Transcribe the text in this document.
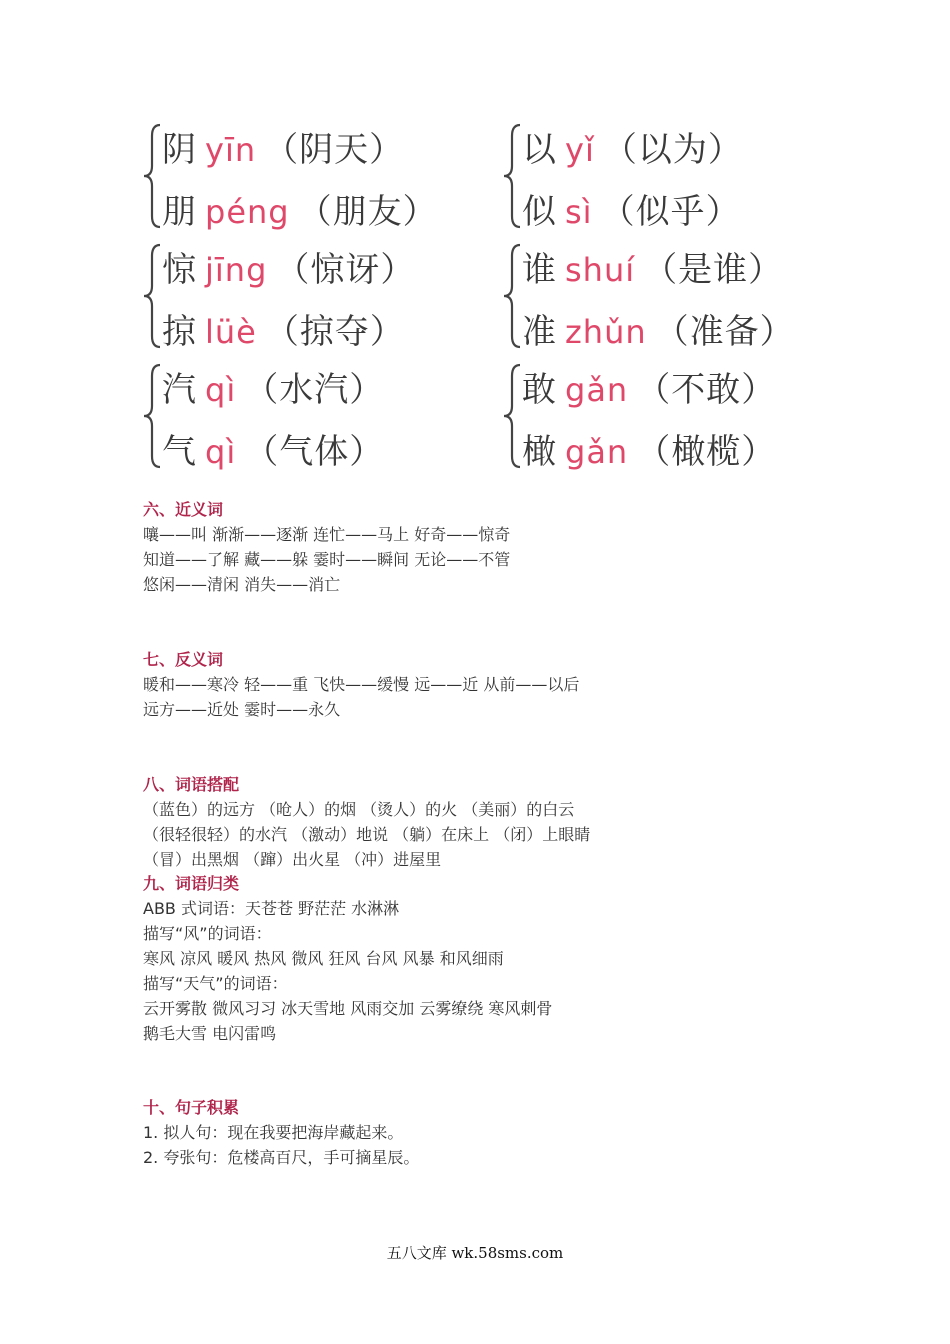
阴 yīn （阴天）
朋 péng （朋友）
以 yǐ （以为）
似 sì （似乎）
惊 jīng （惊讶）
掠 lüè （掠夺）
谁 shuí （是谁）
准 zhǔn （准备）
汽 qì （水汽）
气 qì （气体）
敢 gǎn （不敢）
橄 gǎn （橄榄）
六、近义词
嚷——叫 渐渐——逐渐 连忙——马上 好奇——惊奇
知道——了解 藏——躲 霎时——瞬间 无论——不管
悠闲——清闲 消失——消亡
七、反义词
暖和——寒冷 轻——重 飞快——缓慢 远——近 从前——以后
远方——近处 霎时——永久
八、词语搭配
（蓝色）的远方 （呛人）的烟 （烫人）的火 （美丽）的白云
（很轻很轻）的水汽 （激动）地说 （躺）在床上 （闭）上眼睛
（冒）出黑烟 （蹿）出火星 （冲）进屋里
九、词语归类
ABB 式词语：天苍苍 野茫茫 水淋淋
描写“风”的词语：
寒风 凉风 暖风 热风 微风 狂风 台风 风暴 和风细雨
描写“天气”的词语：
云开雾散 微风习习 冰天雪地 风雨交加 云雾缭绕 寒风刺骨
鹅毛大雪 电闪雷鸣
十、句子积累
1. 拟人句：现在我要把海岸藏起来。
2. 夸张句：危楼高百尺，手可摘星辰。
五八文库 wk.58sms.com
